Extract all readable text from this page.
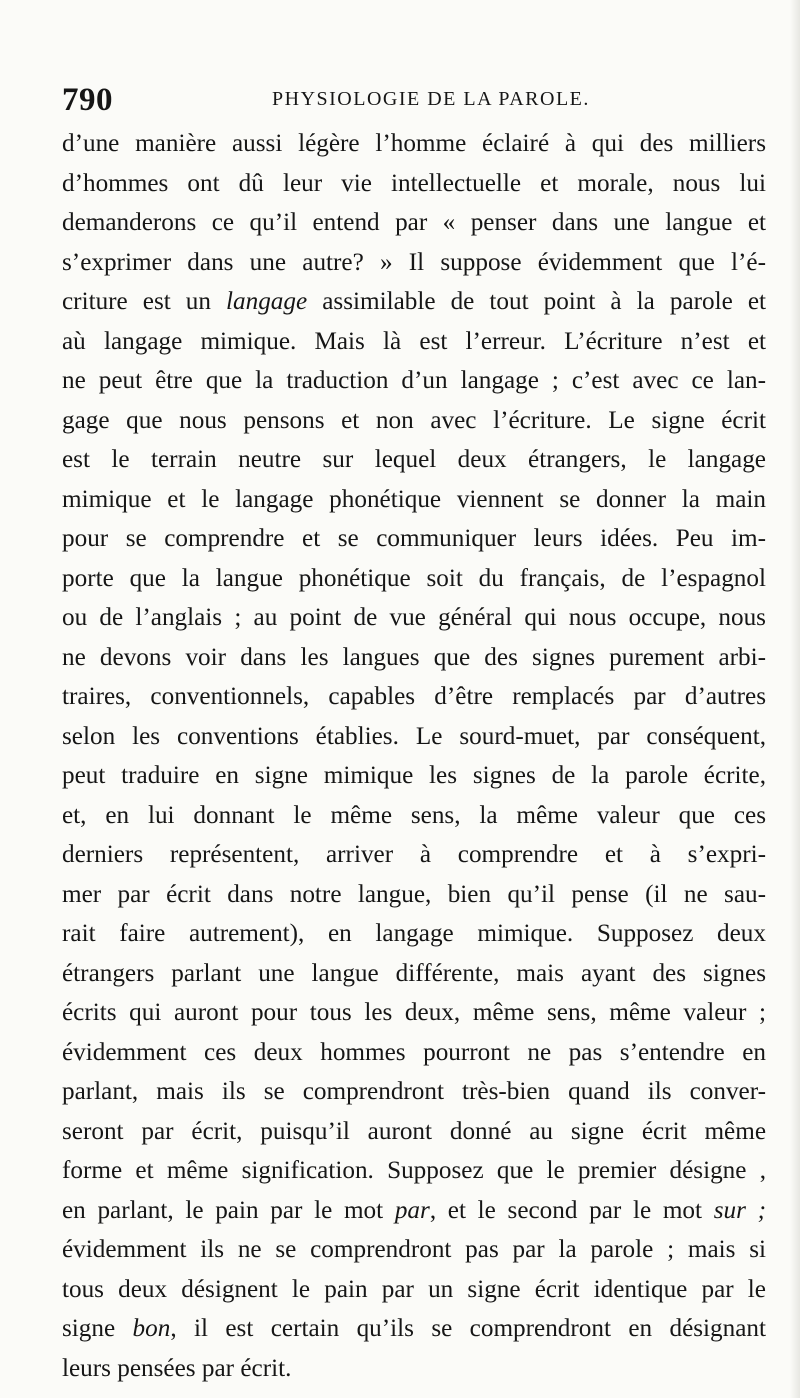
790	PHYSIOLOGIE DE LA PAROLE.
d’une manière aussi légère l’homme éclairé à qui des milliers
d’hommes ont dû leur vie intellectuelle et morale, nous lui
demanderons ce qu’il entend par « penser dans une langue et
s’exprimer dans une autre? » Il suppose évidemment que l’é-
criture est un langage assimilable de tout point à la parole et
aù langage mimique. Mais là est l’erreur. L’écriture n’est et
ne peut être que la traduction d’un langage ; c’est avec ce lan-
gage que nous pensons et non avec l’écriture. Le signe écrit
est le terrain neutre sur lequel deux étrangers, le langage
mimique et le langage phonétique viennent se donner la main
pour se comprendre et se communiquer leurs idées. Peu im-
porte que la langue phonétique soit du français, de l’espagnol
ou de l’anglais ; au point de vue général qui nous occupe, nous
ne devons voir dans les langues que des signes purement arbi-
traires, conventionnels, capables d’être remplacés par d’autres
selon les conventions établies. Le sourd-muet, par conséquent,
peut traduire en signe mimique les signes de la parole écrite,
et, en lui donnant le même sens, la même valeur que ces
derniers représentent, arriver à comprendre et à s’expri-
mer par écrit dans notre langue, bien qu’il pense (il ne sau-
rait faire autrement), en langage mimique. Supposez deux
étrangers parlant une langue différente, mais ayant des signes
écrits qui auront pour tous les deux, même sens, même valeur ;
évidemment ces deux hommes pourront ne pas s’entendre en
parlant, mais ils se comprendront très-bien quand ils conver-
seront par écrit, puisqu’il auront donné au signe écrit même
forme et même signification. Supposez que le premier désigne ,
en parlant, le pain par le mot par, et le second par le mot sur ;
évidemment ils ne se comprendront pas par la parole ; mais si
tous deux désignent le pain par un signe écrit identique par le
signe bon, il est certain qu’ils se comprendront en désignant
leurs pensées par écrit.
